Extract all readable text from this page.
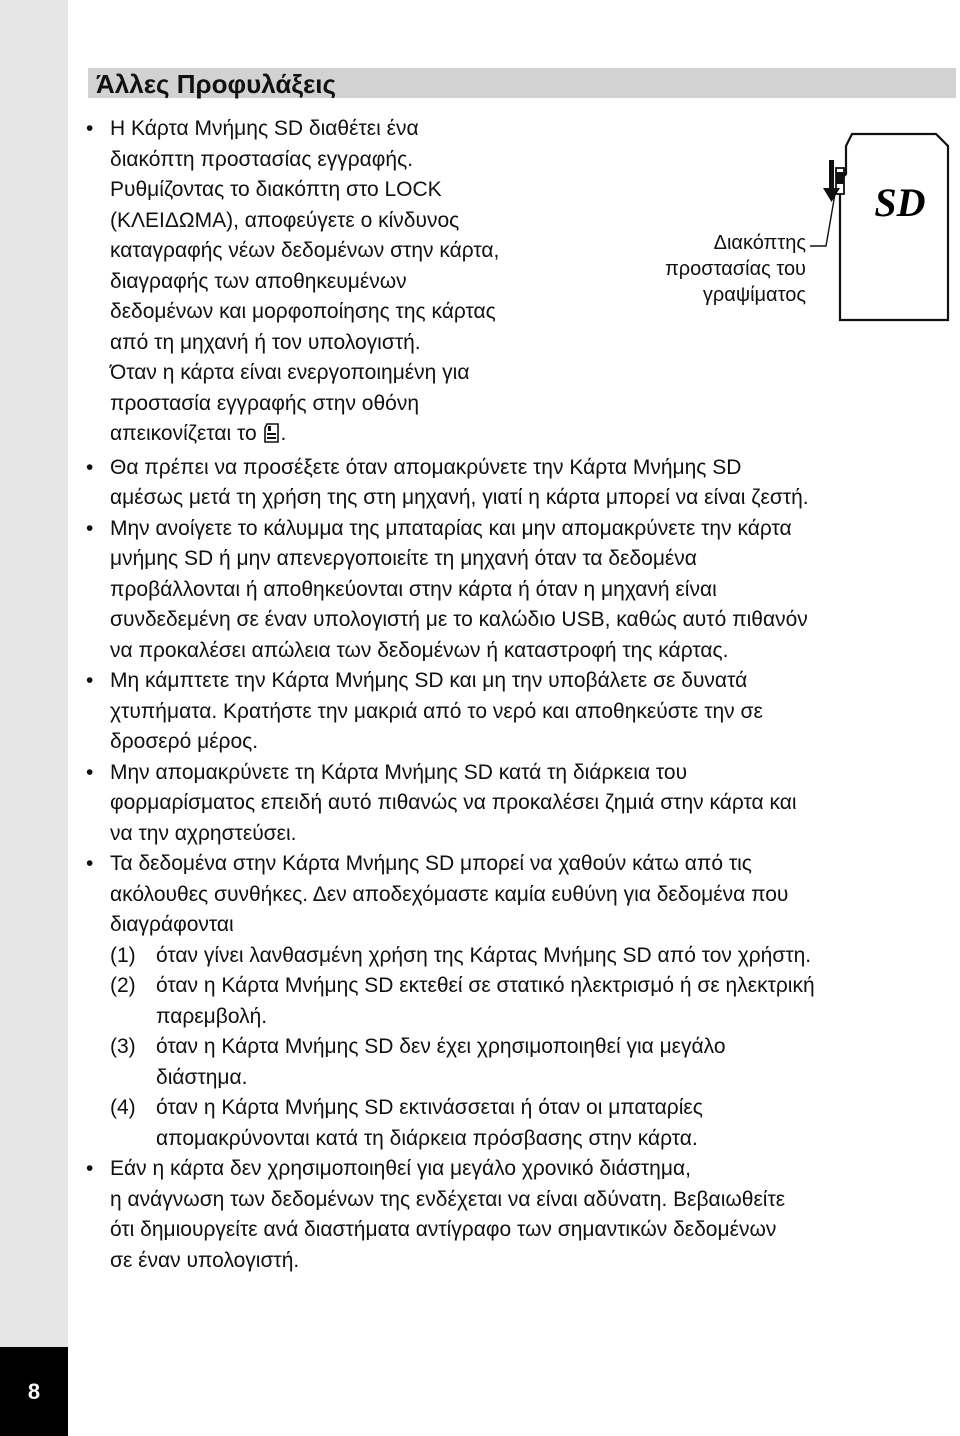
8
Άλλες Προφυλάξεις
SD
Διακόπτης
προστασίας του
γραψίματος
• Η Κάρτα Μνήμης SD διαθέτει ένα
διακόπτη προστασίας εγγραφής.
Ρυθμίζοντας το διακόπτη στο LOCK
(ΚΛΕΙΔΩΜΑ), αποφεύγετε ο κίνδυνος
καταγραφής νέων δεδομένων στην κάρτα,
διαγραφής των αποθηκευμένων
δεδομένων και μορφοποίησης της κάρτας
από τη μηχανή ή τον υπολογιστή.
Όταν η κάρτα είναι ενεργοποιημένη για
προστασία εγγραφής στην οθόνη
απεικονίζεται το .
• Θα πρέπει να προσέξετε όταν απομακρύνετε την Κάρτα Μνήμης SD
αμέσως μετά τη χρήση της στη μηχανή, γιατί η κάρτα μπορεί να είναι ζεστή.
• Μην ανοίγετε το κάλυμμα της μπαταρίας και μην απομακρύνετε την κάρτα
μνήμης SD ή μην απενεργοποιείτε τη μηχανή όταν τα δεδομένα
προβάλλονται ή αποθηκεύονται στην κάρτα ή όταν η μηχανή είναι
συνδεδεμένη σε έναν υπολογιστή με το καλώδιο USB, καθώς αυτό πιθανόν
να προκαλέσει απώλεια των δεδομένων ή καταστροφή της κάρτας.
• Μη κάμπτετε την Κάρτα Μνήμης SD και μη την υποβάλετε σε δυνατά
χτυπήματα. Κρατήστε την μακριά από το νερό και αποθηκεύστε την σε
δροσερό μέρος.
• Μην απομακρύνετε τη Κάρτα Μνήμης SD κατά τη διάρκεια του
φορμαρίσματος επειδή αυτό πιθανώς να προκαλέσει ζημιά στην κάρτα και
να την αχρηστεύσει.
• Τα δεδομένα στην Κάρτα Μνήμης SD μπορεί να χαθούν κάτω από τις
ακόλουθες συνθήκες. Δεν αποδεχόμαστε καμία ευθύνη για δεδομένα που
διαγράφονται
(1) όταν γίνει λανθασμένη χρήση της Κάρτας Μνήμης SD από τον χρήστη.
(2) όταν η Κάρτα Μνήμης SD εκτεθεί σε στατικό ηλεκτρισμό ή σε ηλεκτρική
παρεμβολή.
(3) όταν η Κάρτα Μνήμης SD δεν έχει χρησιμοποιηθεί για μεγάλο
διάστημα.
(4) όταν η Κάρτα Μνήμης SD εκτινάσσεται ή όταν οι μπαταρίες
απομακρύνονται κατά τη διάρκεια πρόσβασης στην κάρτα.
• Εάν η κάρτα δεν χρησιμοποιηθεί για μεγάλο χρονικό διάστημα,
η ανάγνωση των δεδομένων της ενδέχεται να είναι αδύνατη. Βεβαιωθείτε
ότι δημιουργείτε ανά διαστήματα αντίγραφο των σημαντικών δεδομένων
σε έναν υπολογιστή.
